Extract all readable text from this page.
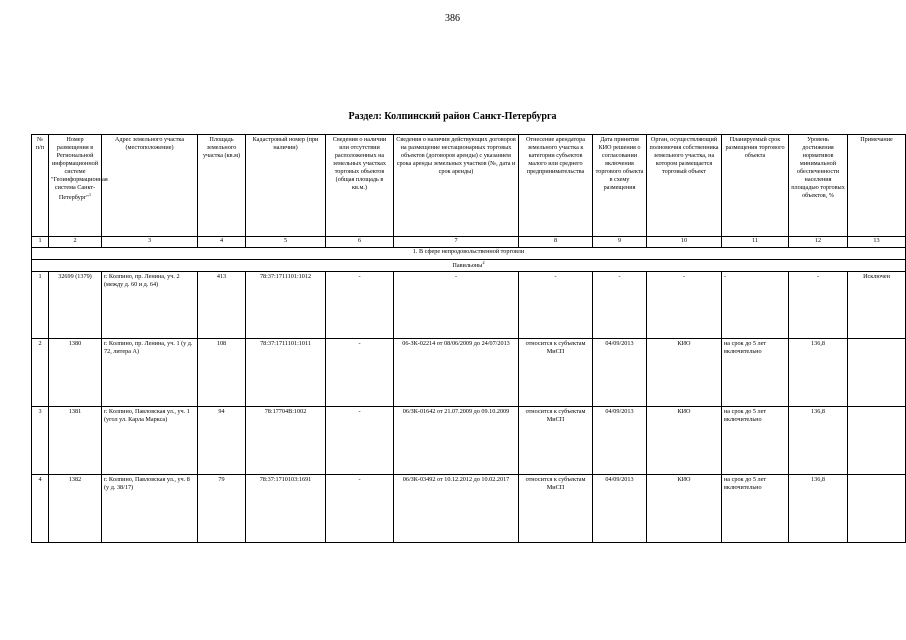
386
Раздел: Колпинский район Санкт-Петербурга
№ п/п	Номер размещения в Региональной информационной системе "Геоинформационная система Санкт-Петербург"$^1$	Адрес земельного участка (местоположение)	Площадь земельного участка (кв.м)	Кадастровый номер (при наличии)	Сведения о наличии или отсутствии расположенных на земельных участках торговых объектов (общая площадь в кв.м.)	Сведения о наличии действующих договоров на размещение нестационарных торговых объектов (договоров аренды) с указанием срока аренды земельных участков (№, дата и срок аренды)	Отнесение арендатора земельного участка к категории субъектов малого или среднего предпринимательства	Дата принятия КИО решения о согласовании включения торгового объекта в схему размещения	Орган, осуществляющий полномочия собственника земельного участка, на котором размещается торговый объект	Планируемый срок размещения торгового объекта	Уровень достижения нормативов минимальной обеспеченности населения площадью торговых объектов, %	Примечание
1	2	3	4	5	6	7	8	9	10	11	12	13
1. В сфере непродовольственной торговли												
Павильоны$^2$
1	32699 (1379)	г. Колпино, пр. Ленина, уч. 2 (между д. 60 и д. 64)	413	78:37:1711101:1012	-	-	-	-	-	-	-	Исключен
2	1380	г. Колпино, пр. Ленина, уч. 1 (у д. 72, литера А)	108	78:37:1711101:1011	-	06-ЗК-02214 от 08/06/2009 до 24/07/2013	относится к субъектам МиСП	04/09/2013	КИО	на срок до 5 лет включительно	136,8	
3	1381	г. Колпино, Павловская ул., уч. 1 (угол ул. Карла Маркса)	94	78:17704В:1002	-	06/ЗК-01642 от 21.07.2009 до 09.10.2009	относится к субъектам МиСП	04/09/2013	КИО	на срок до 5 лет включительно	136,8	
4	1382	г. Колпино, Павловская ул., уч. 8 (у д. 38/17)	79	78:37:1710103:1691	-	06/ЗК-03492 от 10.12.2012 до 10.02.2017	относится к субъектам МиСП	04/09/2013	КИО	на срок до 5 лет включительно	136,8	
